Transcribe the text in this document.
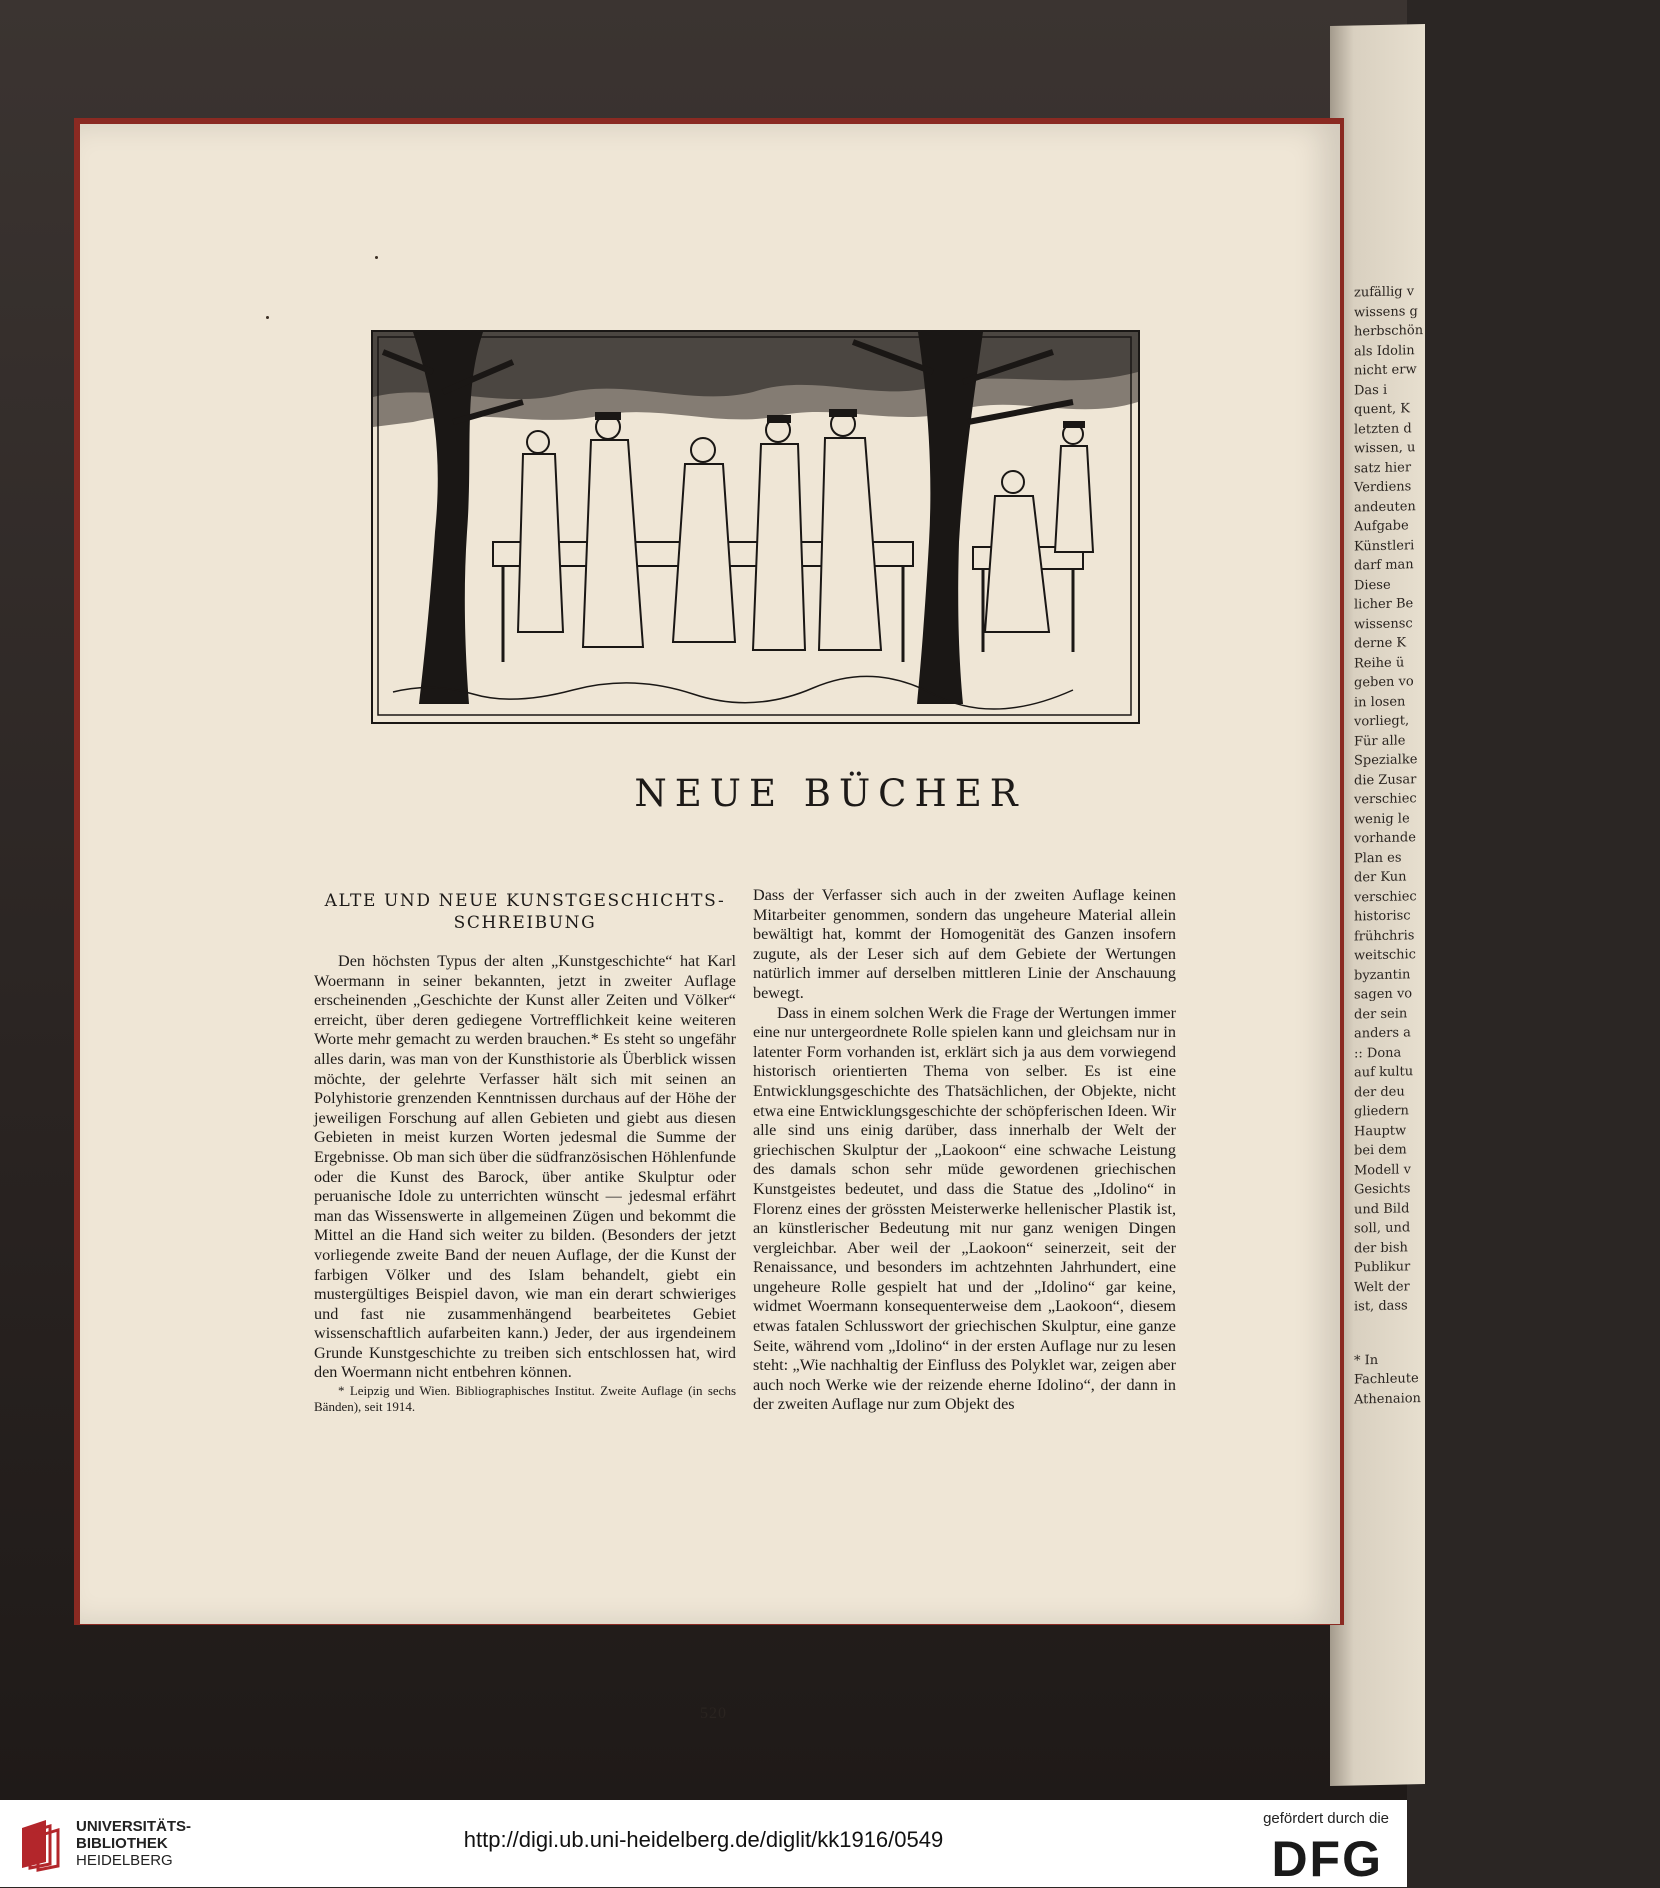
zufällig v
wissens g
herbschön
als Idolin
nicht erw
Das i
quent, K
letzten d
wissen, u
satz hier
Verdiens
andeuten
Aufgabe
Künstleri
darf man
Diese
licher Be
wissensc
derne K
Reihe ü
geben vo
in losen
vorliegt,
Für alle
Spezialke
die Zusar
verschiec
wenig le
vorhande
Plan es
der Kun
verschiec
historisc
frühchris
weitschic
byzantin
sagen vo
der sein
anders a
:: Dona
auf kultu
der deu
gliedern
Hauptw
bei dem
Modell v
Gesichts
und Bild
soll, und
der bish
Publikur
Welt der
ist, dass
* In
Fachleute
Athenaion
NEUE BÜCHER
ALTE UND NEUE KUNSTGESCHICHTS-
SCHREIBUNG

Den höchsten Typus der alten „Kunstgeschichte“ hat Karl Woermann in seiner bekannten, jetzt in zweiter Auflage erscheinenden „Geschichte der Kunst aller Zeiten und Völker“ erreicht, über deren gediegene Vortrefflichkeit keine weiteren Worte mehr gemacht zu werden brauchen.* Es steht so ungefähr alles darin, was man von der Kunsthistorie als Überblick wissen möchte, der gelehrte Verfasser hält sich mit seinen an Polyhistorie grenzenden Kenntnissen durchaus auf der Höhe der jeweiligen Forschung auf allen Gebieten und giebt aus diesen Gebieten in meist kurzen Worten jedesmal die Summe der Ergebnisse. Ob man sich über die südfranzösischen Höhlenfunde oder die Kunst des Barock, über antike Skulptur oder peruanische Idole zu unterrichten wünscht — jedesmal erfährt man das Wissenswerte in allgemeinen Zügen und bekommt die Mittel an die Hand sich weiter zu bilden. (Besonders der jetzt vorliegende zweite Band der neuen Auflage, der die Kunst der farbigen Völker und des Islam behandelt, giebt ein mustergültiges Beispiel davon, wie man ein derart schwieriges und fast nie zusammenhängend bearbeitetes Gebiet wissenschaftlich aufarbeiten kann.) Jeder, der aus irgendeinem Grunde Kunstgeschichte zu treiben sich entschlossen hat, wird den Woermann nicht entbehren können.

* Leipzig und Wien. Bibliographisches Institut. Zweite Auflage (in sechs Bänden), seit 1914.

Dass der Verfasser sich auch in der zweiten Auflage keinen Mitarbeiter genommen, sondern das ungeheure Material allein bewältigt hat, kommt der Homogenität des Ganzen insofern zugute, als der Leser sich auf dem Gebiete der Wertungen natürlich immer auf derselben mittleren Linie der Anschauung bewegt.

Dass in einem solchen Werk die Frage der Wertungen immer eine nur untergeordnete Rolle spielen kann und gleichsam nur in latenter Form vorhanden ist, erklärt sich ja aus dem vorwiegend historisch orientierten Thema von selber. Es ist eine Entwicklungsgeschichte des Thatsächlichen, der Objekte, nicht etwa eine Entwicklungsgeschichte der schöpferischen Ideen. Wir alle sind uns einig darüber, dass innerhalb der Welt der griechischen Skulptur der „Laokoon“ eine schwache Leistung des damals schon sehr müde gewordenen griechischen Kunstgeistes bedeutet, und dass die Statue des „Idolino“ in Florenz eines der grössten Meisterwerke hellenischer Plastik ist, an künstlerischer Bedeutung mit nur ganz wenigen Dingen vergleichbar. Aber weil der „Laokoon“ seinerzeit, seit der Renaissance, und besonders im achtzehnten Jahrhundert, eine ungeheure Rolle gespielt hat und der „Idolino“ gar keine, widmet Woermann konsequenterweise dem „Laokoon“, diesem etwas fatalen Schlusswort der griechischen Skulptur, eine ganze Seite, während vom „Idolino“ in der ersten Auflage nur zu lesen steht: „Wie nachhaltig der Einfluss des Polyklet war, zeigen aber auch noch Werke wie der reizende eherne Idolino“, der dann in der zweiten Auflage nur zum Objekt des

520
UNIVERSITÄTS-
BIBLIOTHEK
HEIDELBERG
http://digi.ub.uni-heidelberg.de/diglit/kk1916/0549
gefördert durch die
DFG
